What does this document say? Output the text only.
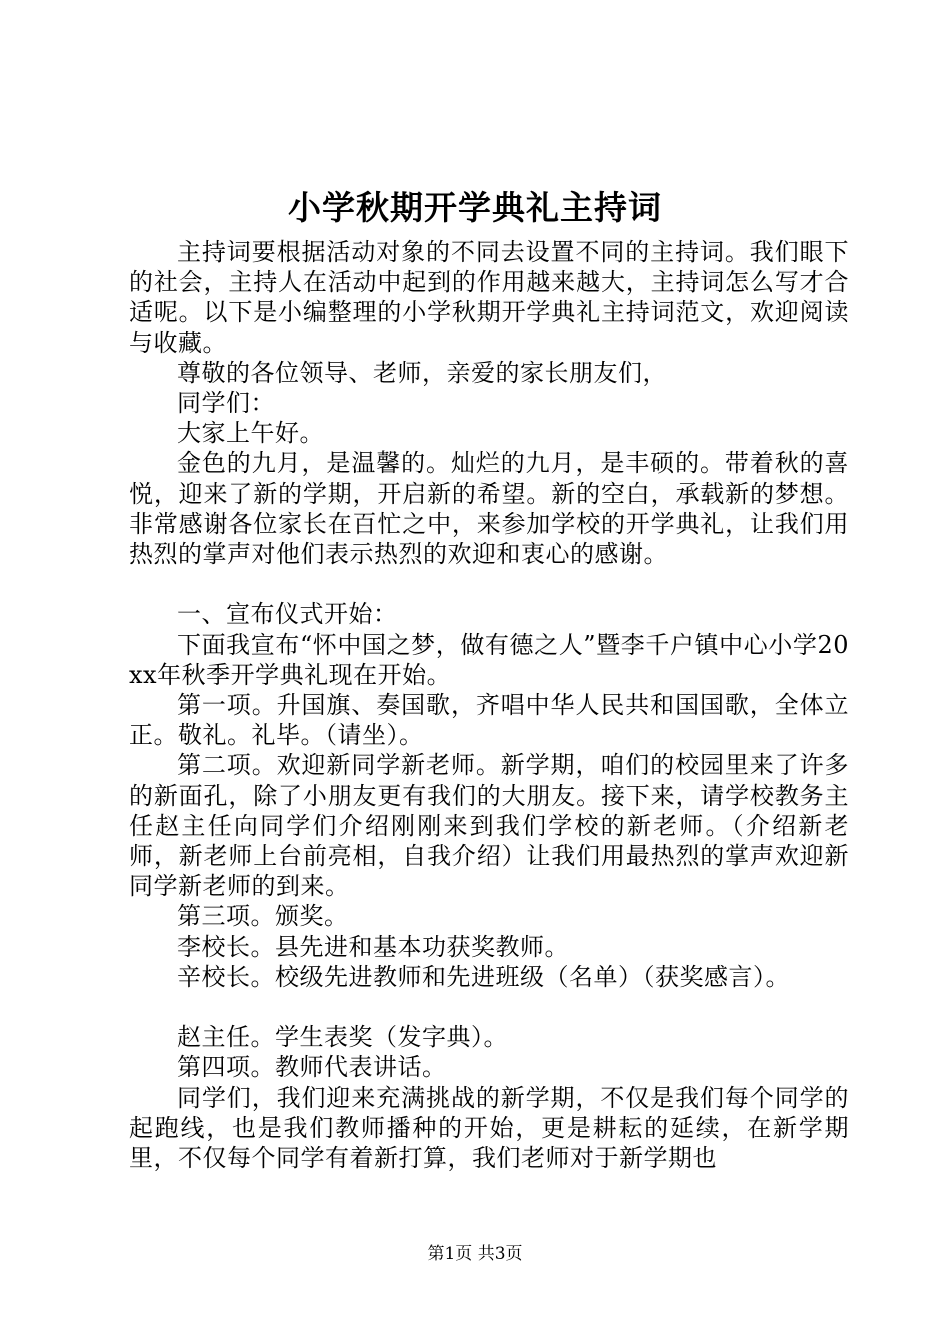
小学秋期开学典礼主持词

主持词要根据活动对象的不同去设置不同的主持词。我们眼下的社会，主持人在活动中起到的作用越来越大，主持词怎么写才合适呢。以下是小编整理的小学秋期开学典礼主持词范文，欢迎阅读与收藏。

尊敬的各位领导、老师，亲爱的家长朋友们，

同学们：

大家上午好。

金色的九月，是温馨的。灿烂的九月，是丰硕的。带着秋的喜悦，迎来了新的学期，开启新的希望。新的空白，承载新的梦想。非常感谢各位家长在百忙之中，来参加学校的开学典礼，让我们用热烈的掌声对他们表示热烈的欢迎和衷心的感谢。

一、宣布仪式开始：

下面我宣布“怀中国之梦，做有德之人”暨李千户镇中心小学20xx年秋季开学典礼现在开始。

第一项。升国旗、奏国歌，齐唱中华人民共和国国歌，全体立正。敬礼。礼毕。（请坐）。

第二项。欢迎新同学新老师。新学期，咱们的校园里来了许多的新面孔，除了小朋友更有我们的大朋友。接下来，请学校教务主任赵主任向同学们介绍刚刚来到我们学校的新老师。（介绍新老师，新老师上台前亮相，自我介绍）让我们用最热烈的掌声欢迎新同学新老师的到来。

第三项。颁奖。

李校长。县先进和基本功获奖教师。

辛校长。校级先进教师和先进班级（名单）（获奖感言）。

赵主任。学生表奖（发字典）。

第四项。教师代表讲话。

同学们，我们迎来充满挑战的新学期，不仅是我们每个同学的起跑线，也是我们教师播种的开始，更是耕耘的延续，在新学期里，不仅每个同学有着新打算，我们老师对于新学期也

第1页 共3页
